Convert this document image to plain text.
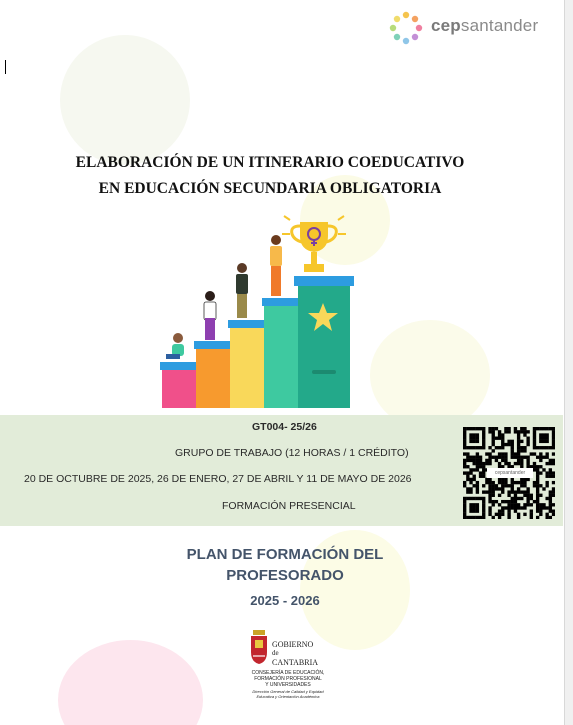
cepsantander
ELABORACIÓN DE UN ITINERARIO COEDUCATIVO
EN EDUCACIÓN SECUNDARIA OBLIGATORIA
GT004- 25/26
GRUPO DE TRABAJO (12 HORAS / 1 CRÉDITO)
20 DE OCTUBRE DE 2025, 26 DE ENERO, 27 DE ABRIL Y 11 DE MAYO DE 2026
FORMACIÓN PRESENCIAL
cepsantander
PLAN DE FORMACIÓN DEL
PROFESORADO
2025 - 2026
GOBIERNO
de
CANTABRIA
CONSEJERÍA DE EDUCACIÓN,
FORMACIÓN PROFESIONAL
Y UNIVERSIDADES
Dirección General de Calidad y Equidad
Educativa y Orientación Académica
